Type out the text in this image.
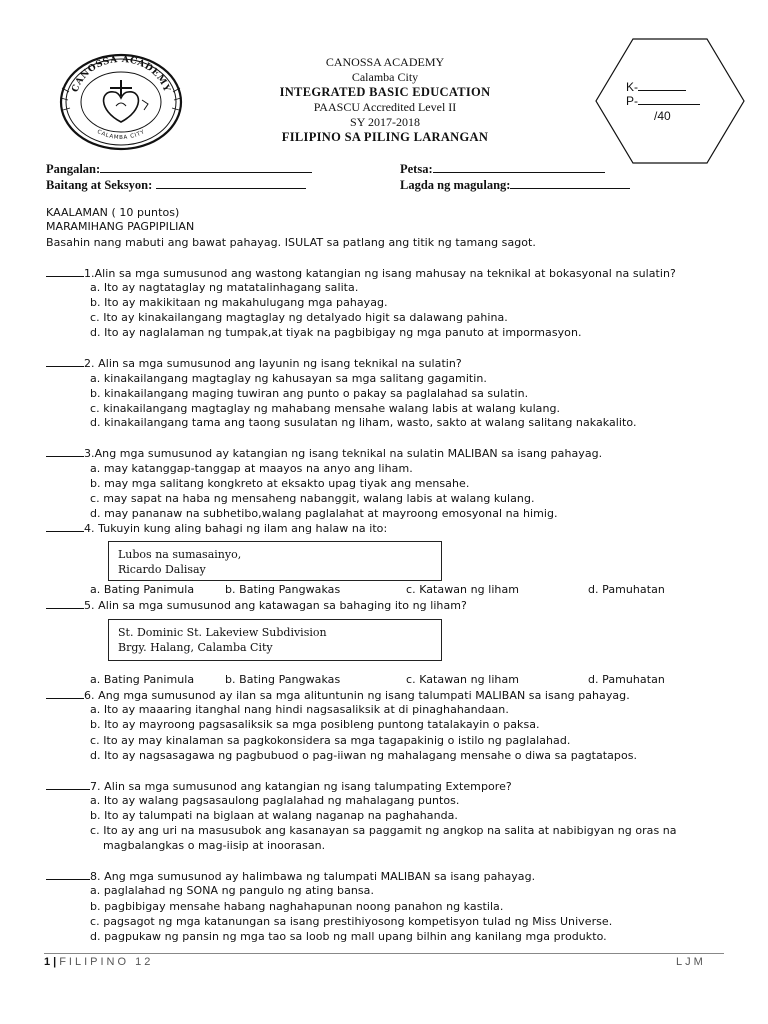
CANOSSA ACADEMY
CALAMBA CITY
CANOSSA ACADEMY
Calamba City
INTEGRATED BASIC EDUCATION
PAASCU Accredited Level II
SY 2017-2018
FILIPINO SA PILING LARANGAN
K-
P-
/40
Pangalan:	Petsa:
Baitang at Seksyon:	Lagda ng magulang:
KAALAMAN ( 10 puntos)
MARAMIHANG PAGPIPILIAN
Basahin nang mabuti ang bawat pahayag. ISULAT sa patlang ang titik ng tamang sagot.
1.Alin sa mga sumusunod ang wastong katangian ng isang mahusay na teknikal at bokasyonal na sulatin?
a. Ito ay nagtataglay ng matatalinhagang salita.
b. Ito ay makikitaan ng makahulugang mga pahayag.
c. Ito ay kinakailangang magtaglay ng detalyado higit sa dalawang pahina.
d. Ito ay naglalaman ng tumpak,at tiyak na pagbibigay ng mga panuto at impormasyon.
2. Alin sa mga sumusunod ang layunin ng isang teknikal na sulatin?
a. kinakailangang magtaglay ng kahusayan sa mga salitang gagamitin.
b. kinakailangang maging tuwiran ang punto o pakay sa paglalahad sa sulatin.
c. kinakailangang magtaglay ng mahabang mensahe walang labis at walang kulang.
d. kinakailangang tama ang taong susulatan ng liham, wasto, sakto at walang salitang nakakalito.
3.Ang mga sumusunod ay katangian ng isang teknikal na sulatin MALIBAN sa isang pahayag.
a. may katanggap-tanggap at maayos na anyo ang liham.
b. may mga salitang kongkreto at eksakto upag tiyak ang mensahe.
c. may sapat na haba ng mensaheng nabanggit, walang labis at walang kulang.
d. may pananaw na subhetibo,walang paglalahat at mayroong emosyonal na himig.
4. Tukuyin kung aling bahagi ng ilam ang halaw na ito:
Lubos na sumasainyo,
Ricardo Dalisay
a. Bating Panimula	b. Bating Pangwakas	c. Katawan ng liham	d. Pamuhatan
5. Alin sa mga sumusunod ang katawagan sa bahaging ito ng liham?
St. Dominic St. Lakeview Subdivision
Brgy. Halang, Calamba City
a. Bating Panimula	b. Bating Pangwakas	c. Katawan ng liham	d. Pamuhatan
6. Ang mga sumusunod ay ilan sa mga alituntunin ng isang talumpati MALIBAN sa isang pahayag.
a. Ito ay maaaring itanghal nang hindi nagsasaliksik at di pinaghahandaan.
b. Ito ay mayroong pagsasaliksik sa mga posibleng puntong tatalakayin o paksa.
c. Ito ay may kinalaman sa pagkokonsidera sa mga tagapakinig o istilo ng paglalahad.
d. Ito ay nagsasagawa ng pagbubuod o pag-iiwan ng mahalagang mensahe o diwa sa pagtatapos.
7. Alin sa mga sumusunod ang katangian ng isang talumpating Extempore?
a. Ito ay walang pagsasaulong paglalahad ng mahalagang puntos.
b. Ito ay talumpati na biglaan at walang naganap na paghahanda.
c. Ito ay ang uri na masusubok ang kasanayan sa paggamit ng angkop na salita at nabibigyan ng oras na
magbalangkas o mag-iisip at inoorasan.
8. Ang mga sumusunod ay halimbawa ng talumpati MALIBAN sa isang pahayag.
a. paglalahad ng SONA ng pangulo ng ating bansa.
b. pagbibigay mensahe habang naghahapunan noong panahon ng kastila.
c. pagsagot ng mga katanungan sa isang prestihiyosong kompetisyon tulad ng Miss Universe.
d. pagpukaw ng pansin ng mga tao sa loob ng mall upang bilhin ang kanilang mga produkto.
1|FILIPINO 12	LJM
